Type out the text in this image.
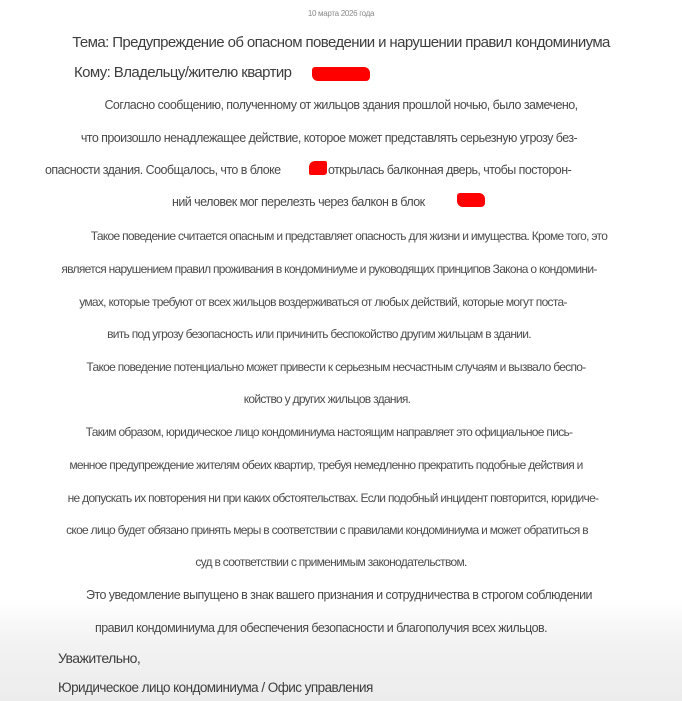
10 марта 2026 года
Тема: Предупреждение об опасном поведении и нарушении правил кондоминиума
Кому: Владельцу/жителю квартир
Согласно сообщению, полученному от жильцов здания прошлой ночью, было замечено,
что произошло ненадлежащее действие, которое может представлять серьезную угрозу без-
опасности здания. Сообщалось, что в блоке	открылась балконная дверь, чтобы посторон-
ний человек мог перелезть через балкон в блок
Такое поведение считается опасным и представляет опасность для жизни и имущества. Кроме того, это
является нарушением правил проживания в кондоминиуме и руководящих принципов Закона о кондомини-
умах, которые требуют от всех жильцов воздерживаться от любых действий, которые могут поста-
вить под угрозу безопасность или причинить беспокойство другим жильцам в здании.
Такое поведение потенциально может привести к серьезным несчастным случаям и вызвало беспо-
койство у других жильцов здания.
Таким образом, юридическое лицо кондоминиума настоящим направляет это официальное пись-
менное предупреждение жителям обеих квартир, требуя немедленно прекратить подобные действия и
не допускать их повторения ни при каких обстоятельствах. Если подобный инцидент повторится, юридиче-
ское лицо будет обязано принять меры в соответствии с правилами кондоминиума и может обратиться в
суд в соответствии с применимым законодательством.
Это уведомление выпущено в знак вашего признания и сотрудничества в строгом соблюдении
правил кондоминиума для обеспечения безопасности и благополучия всех жильцов.
Уважительно,
Юридическое лицо кондоминиума / Офис управления
